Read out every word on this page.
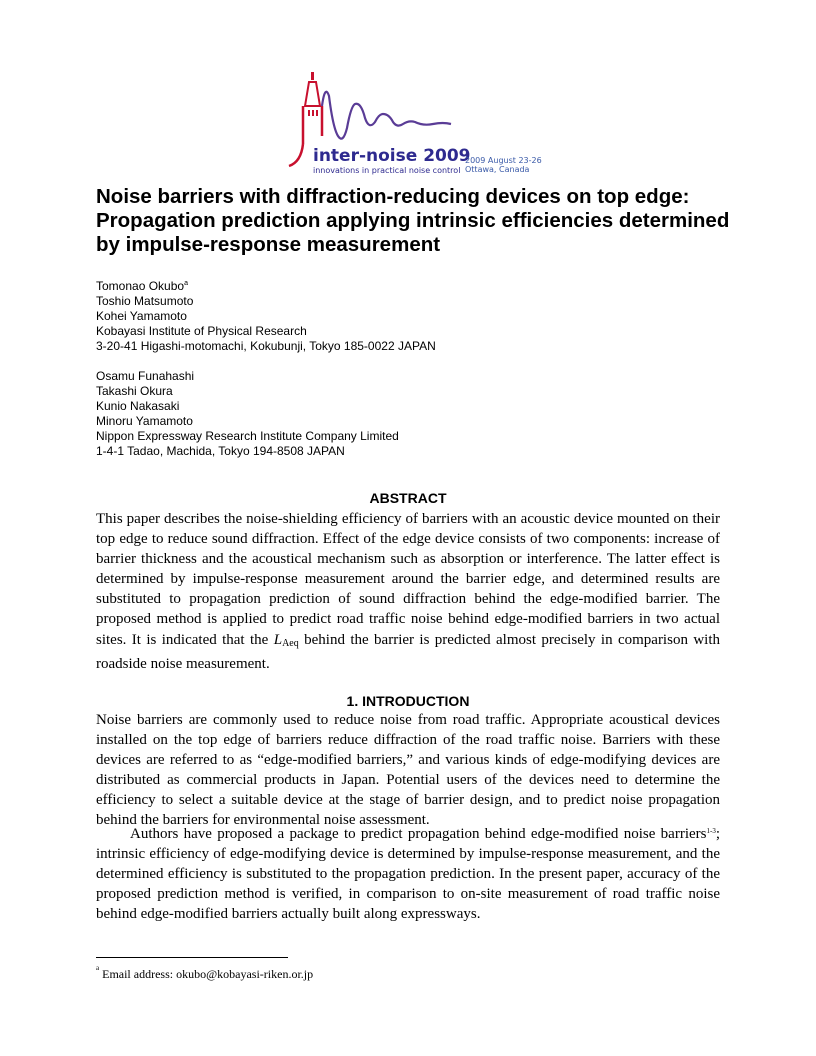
inter-noise 2009
innovations in practical noise control
2009 August 23-26
Ottawa, Canada
Noise barriers with diffraction-reducing devices on top edge: Propagation prediction applying intrinsic efficiencies determined by impulse-response measurement
Tomonao Okubo$^a$
Toshio Matsumoto
Kohei Yamamoto
Kobayasi Institute of Physical Research
3-20-41 Higashi-motomachi, Kokubunji, Tokyo 185-0022 JAPAN
Osamu Funahashi
Takashi Okura
Kunio Nakasaki
Minoru Yamamoto
Nippon Expressway Research Institute Company Limited
1-4-1 Tadao, Machida, Tokyo 194-8508 JAPAN
ABSTRACT

This paper describes the noise-shielding efficiency of barriers with an acoustic device mounted on their top edge to reduce sound diffraction. Effect of the edge device consists of two components: increase of barrier thickness and the acoustical mechanism such as absorption or interference. The latter effect is determined by impulse-response measurement around the barrier edge, and determined results are substituted to propagation prediction of sound diffraction behind the edge-modified barrier. The proposed method is applied to predict road traffic noise behind edge-modified barriers in two actual sites. It is indicated that the LAeq behind the barrier is predicted almost precisely in comparison with roadside noise measurement.

1. INTRODUCTION

Noise barriers are commonly used to reduce noise from road traffic. Appropriate acoustical devices installed on the top edge of barriers reduce diffraction of the road traffic noise. Barriers with these devices are referred to as “edge-modified barriers,” and various kinds of edge-modifying devices are distributed as commercial products in Japan. Potential users of the devices need to determine the efficiency to select a suitable device at the stage of barrier design, and to predict noise propagation behind the barriers for environmental noise assessment.

Authors have proposed a package to predict propagation behind edge-modified noise barriers$^{1-3}$; intrinsic efficiency of edge-modifying device is determined by impulse-response measurement, and the determined efficiency is substituted to the propagation prediction. In the present paper, accuracy of the proposed prediction method is verified, in comparison to on-site measurement of road traffic noise behind edge-modified barriers actually built along expressways.

$^a$ Email address: okubo@kobayasi-riken.or.jp
